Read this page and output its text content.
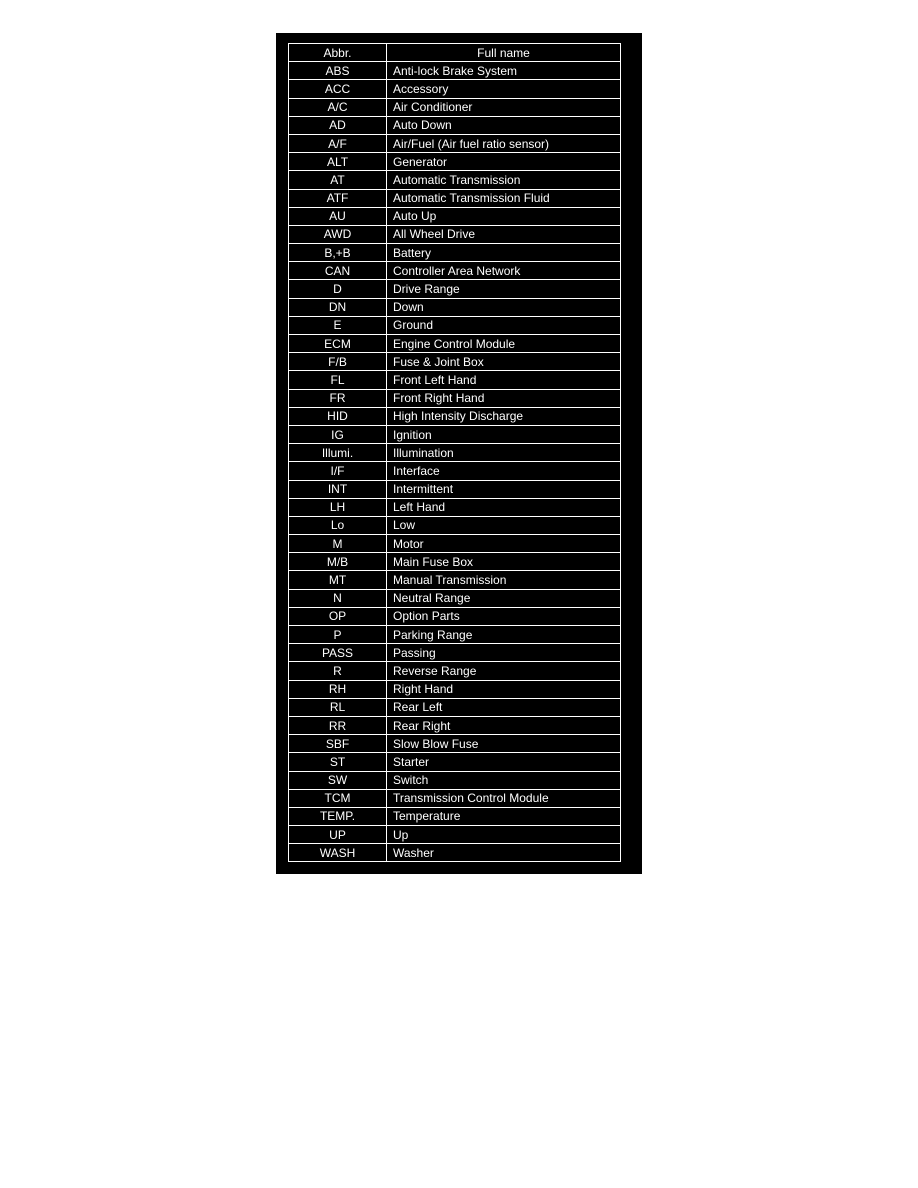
Abbr.	Full name
ABS	Anti-lock Brake System
ACC	Accessory
A/C	Air Conditioner
AD	Auto Down
A/F	Air/Fuel (Air fuel ratio sensor)
ALT	Generator
AT	Automatic Transmission
ATF	Automatic Transmission Fluid
AU	Auto Up
AWD	All Wheel Drive
B,+B	Battery
CAN	Controller Area Network
D	Drive Range
DN	Down
E	Ground
ECM	Engine Control Module
F/B	Fuse & Joint Box
FL	Front Left Hand
FR	Front Right Hand
HID	High Intensity Discharge
IG	Ignition
Illumi.	Illumination
I/F	Interface
INT	Intermittent
LH	Left Hand
Lo	Low
M	Motor
M/B	Main Fuse Box
MT	Manual Transmission
N	Neutral Range
OP	Option Parts
P	Parking Range
PASS	Passing
R	Reverse Range
RH	Right Hand
RL	Rear Left
RR	Rear Right
SBF	Slow Blow Fuse
ST	Starter
SW	Switch
TCM	Transmission Control Module
TEMP.	Temperature
UP	Up
WASH	Washer
